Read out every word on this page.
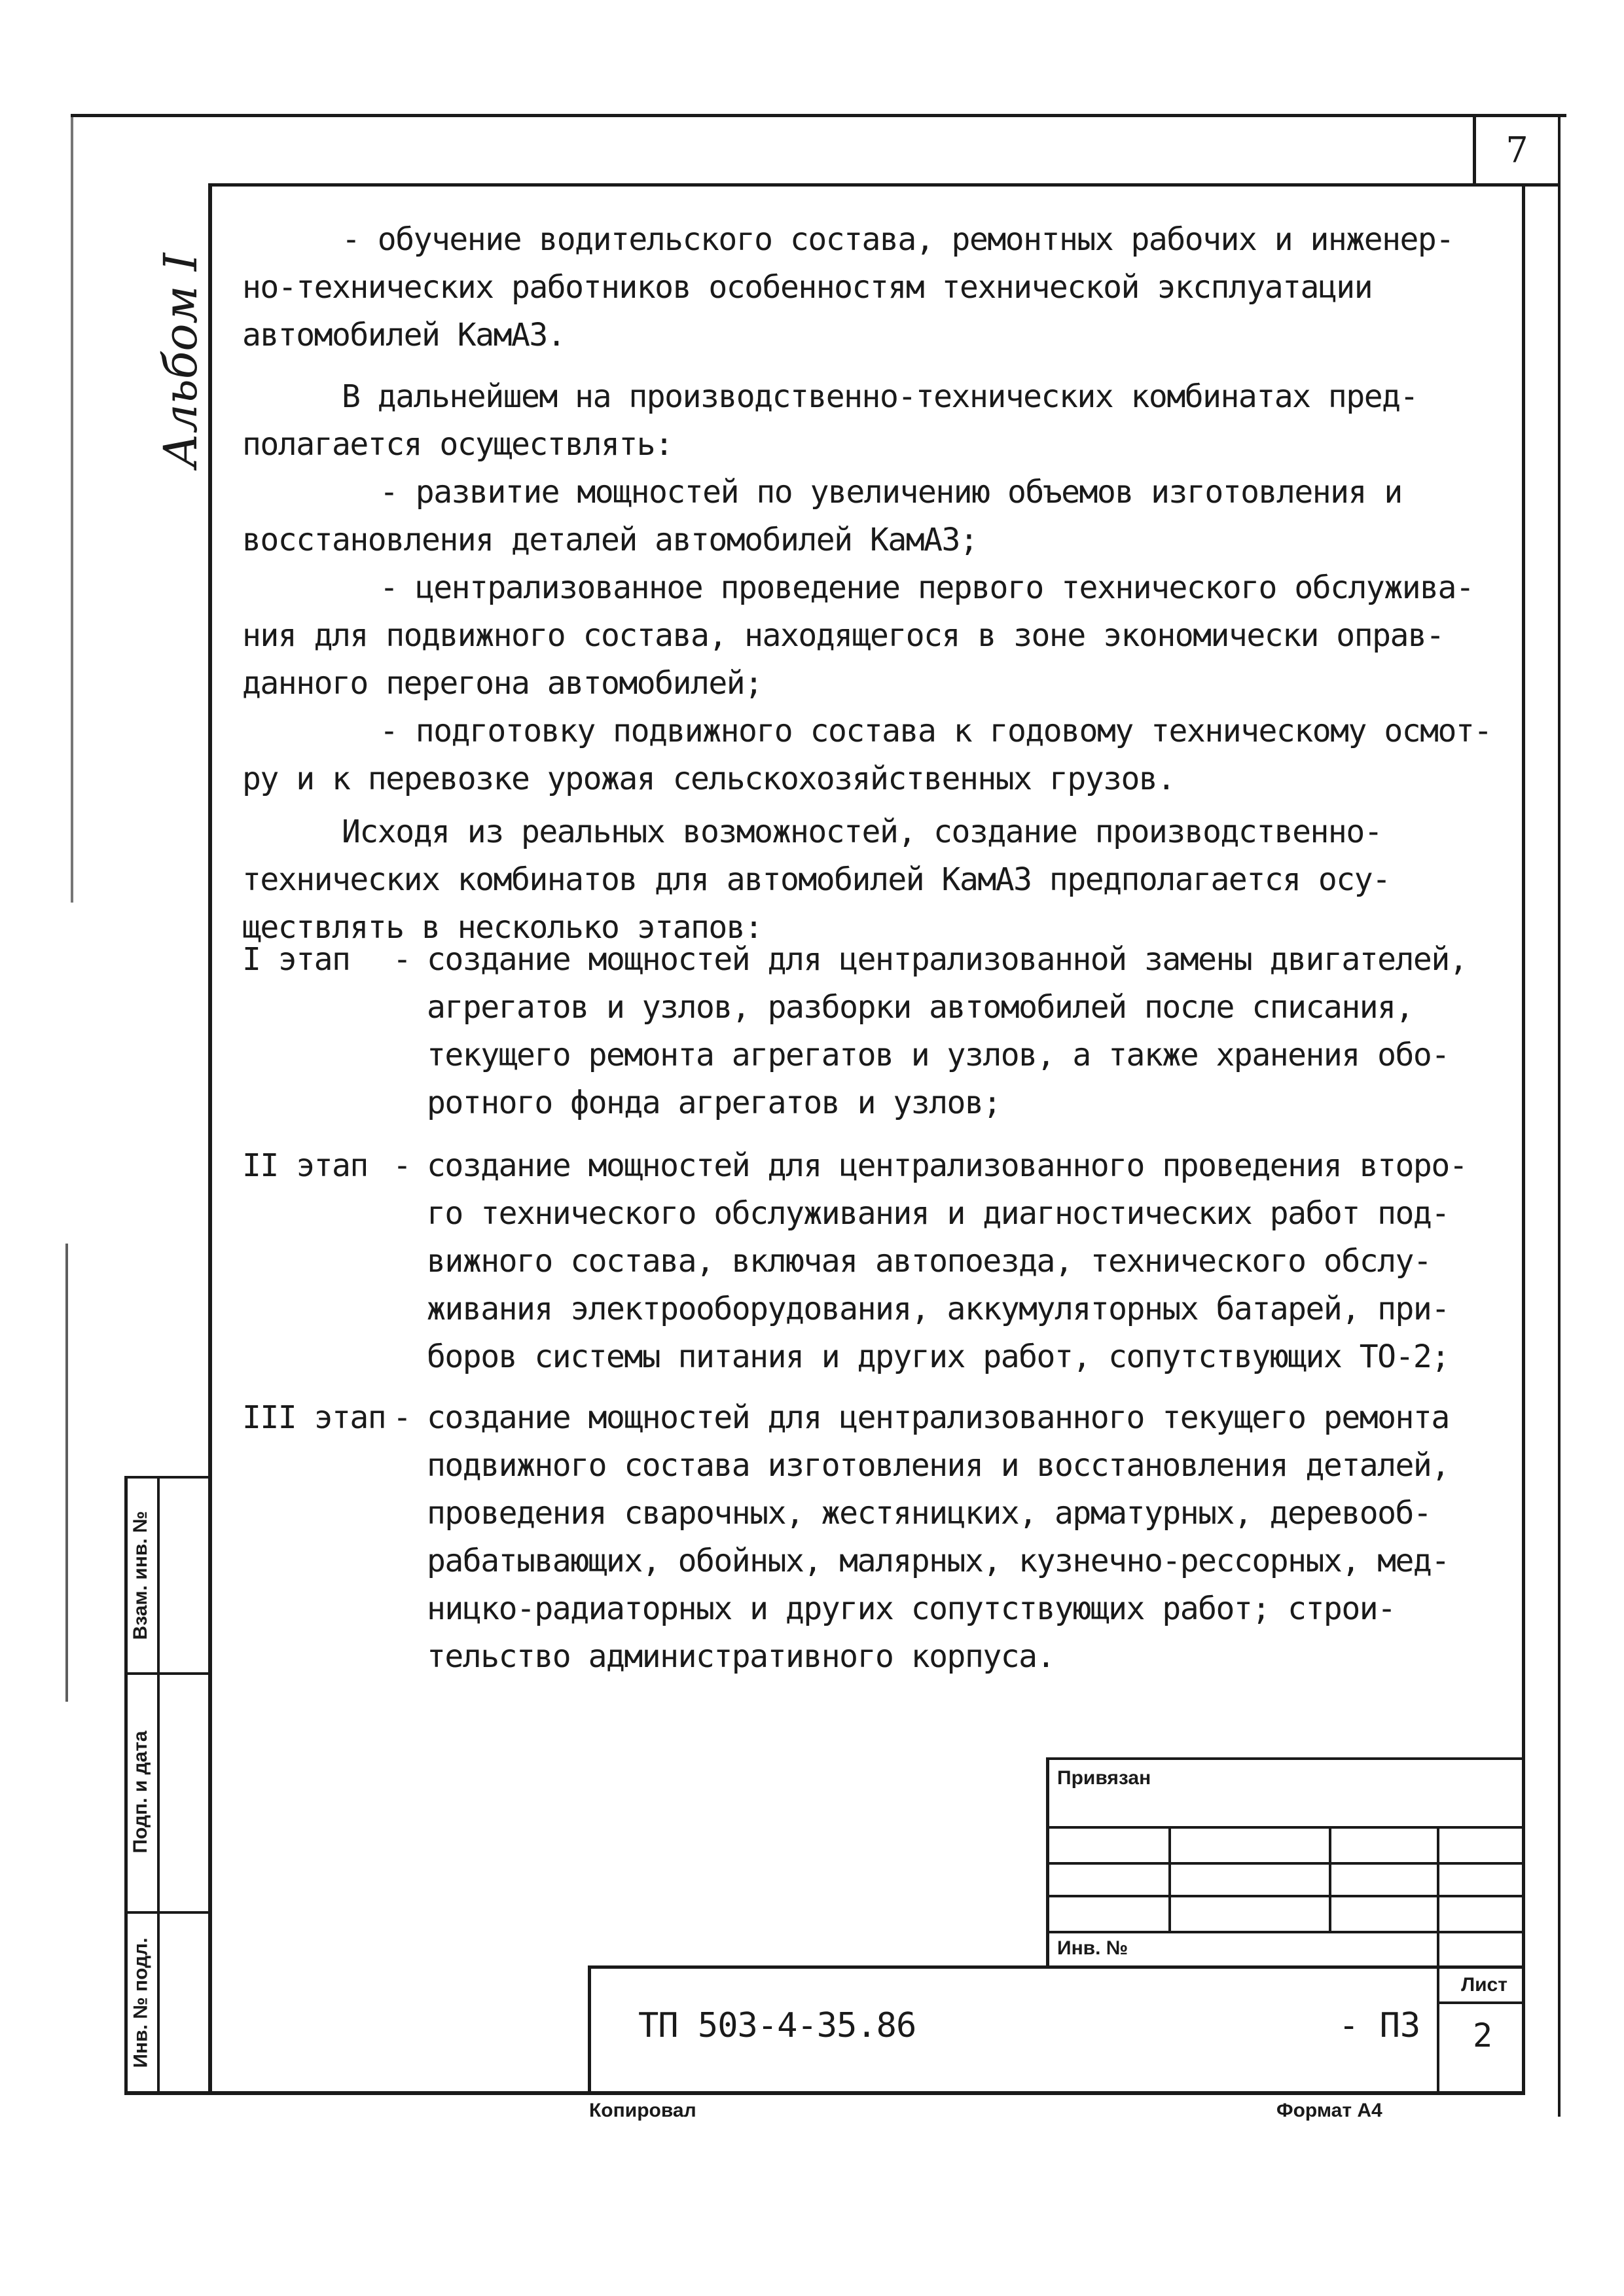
7
Альбом I
- обучение водительского состава, ремонтных рабочих и инженер-
но-технических работников особенностям технической эксплуатации
автомобилей КамАЗ.
В дальнейшем на производственно-технических комбинатах пред-
полагается осуществлять:
- развитие мощностей по увеличению объемов изготовления и
восстановления деталей автомобилей КамАЗ;
- централизованное проведение первого технического обслужива-
ния для подвижного состава, находящегося в зоне экономически оправ-
данного перегона автомобилей;
- подготовку подвижного состава к годовому техническому осмот-
ру и к перевозке урожая сельскохозяйственных грузов.
Исходя из реальных возможностей, создание производственно-
технических комбинатов для автомобилей КамАЗ предполагается осу-
ществлять в несколько этапов:
I этап - создание мощностей для централизованной замены двигателей,
агрегатов и узлов, разборки автомобилей после списания,
текущего ремонта агрегатов и узлов, а также хранения обо-
ротного фонда агрегатов и узлов;
II этап - создание мощностей для централизованного проведения второ-
го технического обслуживания и диагностических работ под-
вижного состава, включая автопоезда, технического обслу-
живания электрооборудования, аккумуляторных батарей, при-
боров системы питания и других работ, сопутствующих ТО-2;
III этап - создание мощностей для централизованного текущего ремонта
подвижного состава изготовления и восстановления деталей,
проведения сварочных, жестяницких, арматурных, деревооб-
рабатывающих, обойных, малярных, кузнечно-рессорных, мед-
ницко-радиаторных и других сопутствующих работ; строи-
тельство административного корпуса.
Взам. инв. №
Подп. и дата
Инв. № подл.
Привязан
Инв. №
ТП 503-4-35.86	- ПЗ
Лист
2
Копировал	Формат А4
